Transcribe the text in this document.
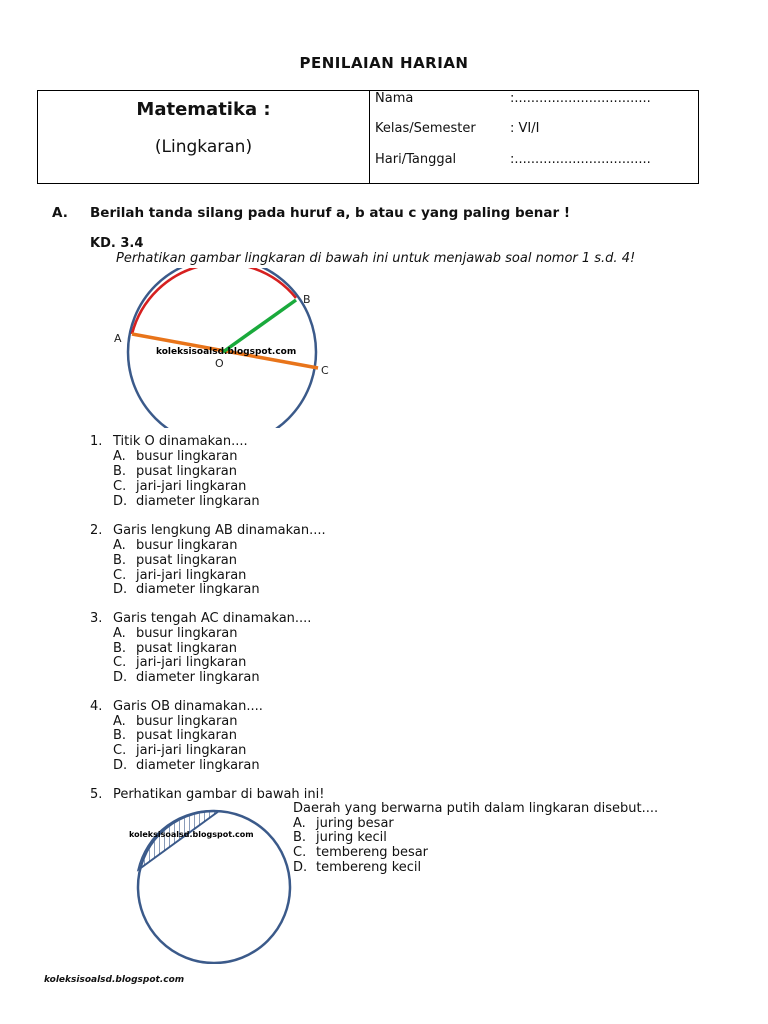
PENILAIAN HARIAN
Matematika :
(Lingkaran)
Nama	:.................................
Kelas/Semester	: VI/I
Hari/Tanggal	:.................................
A. Berilah tanda silang pada huruf a, b atau c yang paling benar !
KD. 3.4
Perhatikan gambar lingkaran di bawah ini untuk menjawab soal nomor 1 s.d. 4!
A
B
C
O
koleksisoalsd.blogspot.com
1. Titik O dinamakan....
A. busur lingkaran
B. pusat lingkaran
C. jari-jari lingkaran
D. diameter lingkaran
2. Garis lengkung AB dinamakan....
A. busur lingkaran
B. pusat lingkaran
C. jari-jari lingkaran
D. diameter lingkaran
3. Garis tengah AC dinamakan....
A. busur lingkaran
B. pusat lingkaran
C. jari-jari lingkaran
D. diameter lingkaran
4. Garis OB dinamakan....
A. busur lingkaran
B. pusat lingkaran
C. jari-jari lingkaran
D. diameter lingkaran
5. Perhatikan gambar di bawah ini!
Daerah yang berwarna putih dalam lingkaran disebut....
A. juring besar
B. juring kecil
C. tembereng besar
D. tembereng kecil
koleksisoalsd.blogspot.com
koleksisoalsd.blogspot.com
